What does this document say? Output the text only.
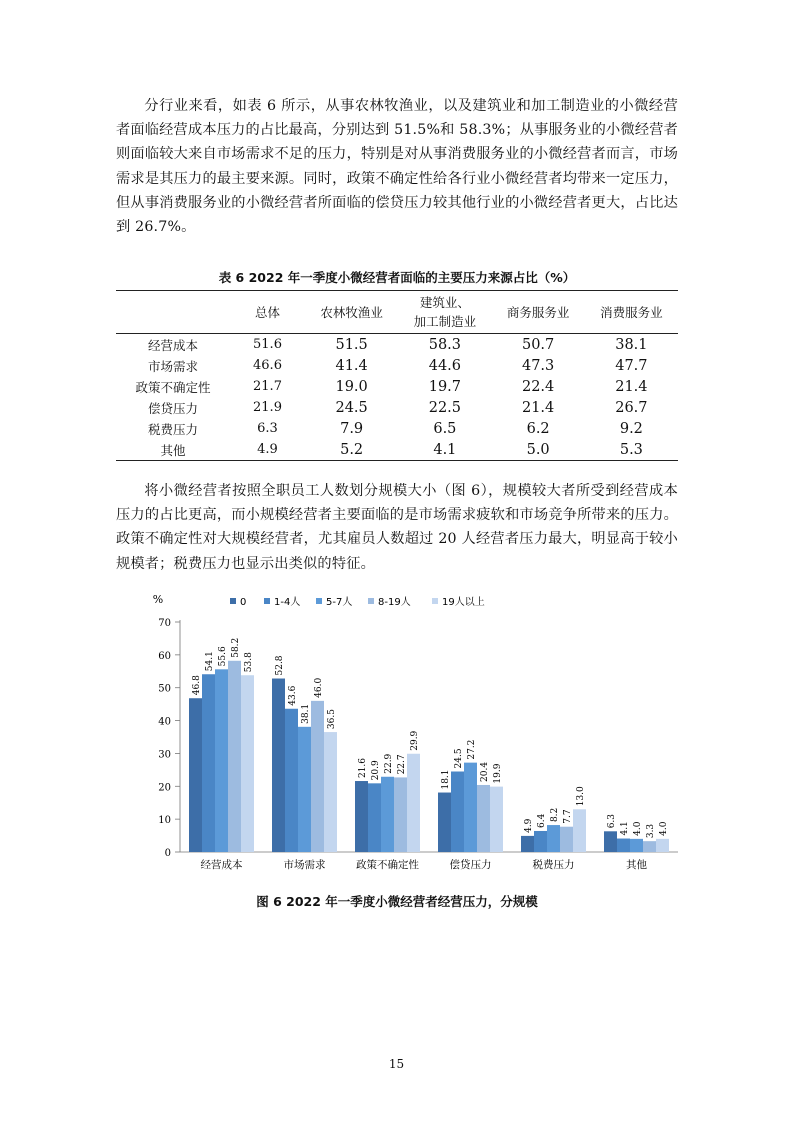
分行业来看，如表 6 所示，从事农林牧渔业，以及建筑业和加工制造业的小微经营者面临经营成本压力的占比最高，分别达到 51.5%和 58.3%；从事服务业的小微经营者则面临较大来自市场需求不足的压力，特别是对从事消费服务业的小微经营者而言，市场需求是其压力的最主要来源。同时，政策不确定性给各行业小微经营者均带来一定压力，但从事消费服务业的小微经营者所面临的偿贷压力较其他行业的小微经营者更大，占比达到 26.7%。

表 6 2022 年一季度小微经营者面临的主要压力来源占比（%）
	总体	农林牧渔业	建筑业、
加工制造业	商务服务业	消费服务业
经营成本	51.6	51.5	58.3	50.7	38.1
市场需求	46.6	41.4	44.6	47.3	47.7
政策不确定性	21.7	19.0	19.7	22.4	21.4
偿贷压力	21.9	24.5	22.5	21.4	26.7
税费压力	6.3	7.9	6.5	6.2	9.2
其他	4.9	5.2	4.1	5.0	5.3

将小微经营者按照全职员工人数划分规模大小（图 6），规模较大者所受到经营成本压力的占比更高，而小规模经营者主要面临的是市场需求疲软和市场竞争所带来的压力。政策不确定性对大规模经营者，尤其雇员人数超过 20 人经营者压力最大，明显高于较小规模者；税费压力也显示出类似的特征。

%
0
10
20
30
40
50
60
70
0	1-4人	5-7人	8-19人	19人以上
46.8
54.1 55.6 58.2
53.8
经营成本
52.8
43.6
38.1
46.0
36.5
市场需求
21.6 20.9 22.9 22.7
29.9
政策不确定性
18.1
24.5 27.2
20.4 19.9
偿贷压力
4.9 6.4 8.2 7.7
13.0
税费压力
6.3
4.1 4.0 3.3 4.0
其他
图 6 2022 年一季度小微经营者经营压力，分规模
15
